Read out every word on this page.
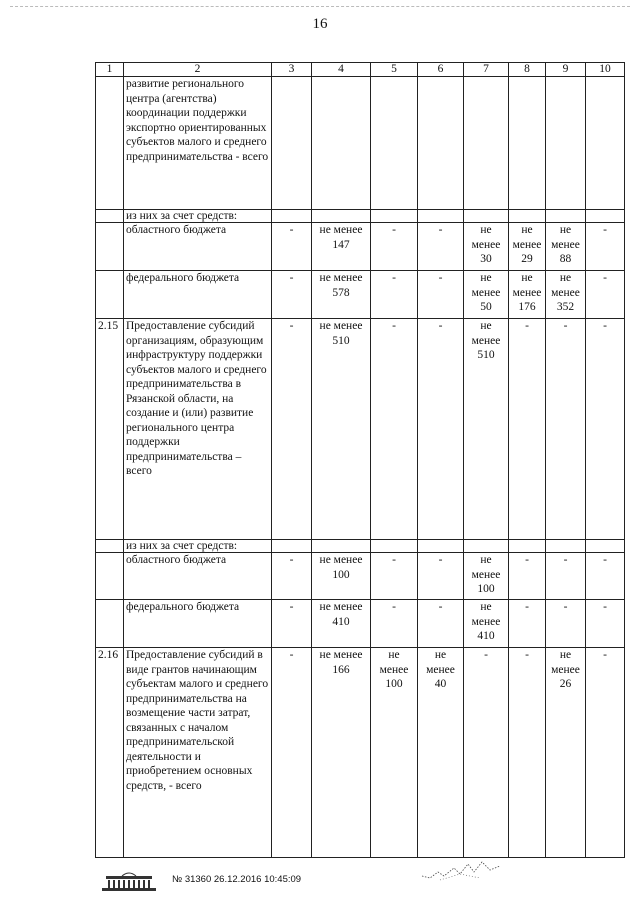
16
1	2	3	4	5	6	7	8	9	10
	развитие регионального центра (агентства) координации поддержки экспортно ориентированных субъектов малого и среднего предпринимательства - всего								
	из них за счет средств:								
	областного бюджета	-	не менее 147	-	-	не менее 30	не менее 29	не менее 88	-
	федерального бюджета	-	не менее 578	-	-	не менее 50	не менее 176	не менее 352	-
2.15	Предоставление субсидий организациям, образующим инфраструктуру поддержки субъектов малого и среднего предпринимательства в Рязанской области, на создание и (или) развитие регионального центра поддержки предпринимательства – всего	-	не менее 510	-	-	не менее 510	-	-	-
	из них за счет средств:								
	областного бюджета	-	не менее 100	-	-	не менее 100	-	-	-
	федерального бюджета	-	не менее 410	-	-	не менее 410	-	-	-
2.16	Предоставление субсидий в виде грантов начинающим субъектам малого и среднего предпринимательства на возмещение части затрат, связанных с началом предпринимательской деятельности и приобретением основных средств, - всего	-	не менее 166	не менее 100	не менее 40	-	-	не менее 26	-
№ 31360 26.12.2016 10:45:09
